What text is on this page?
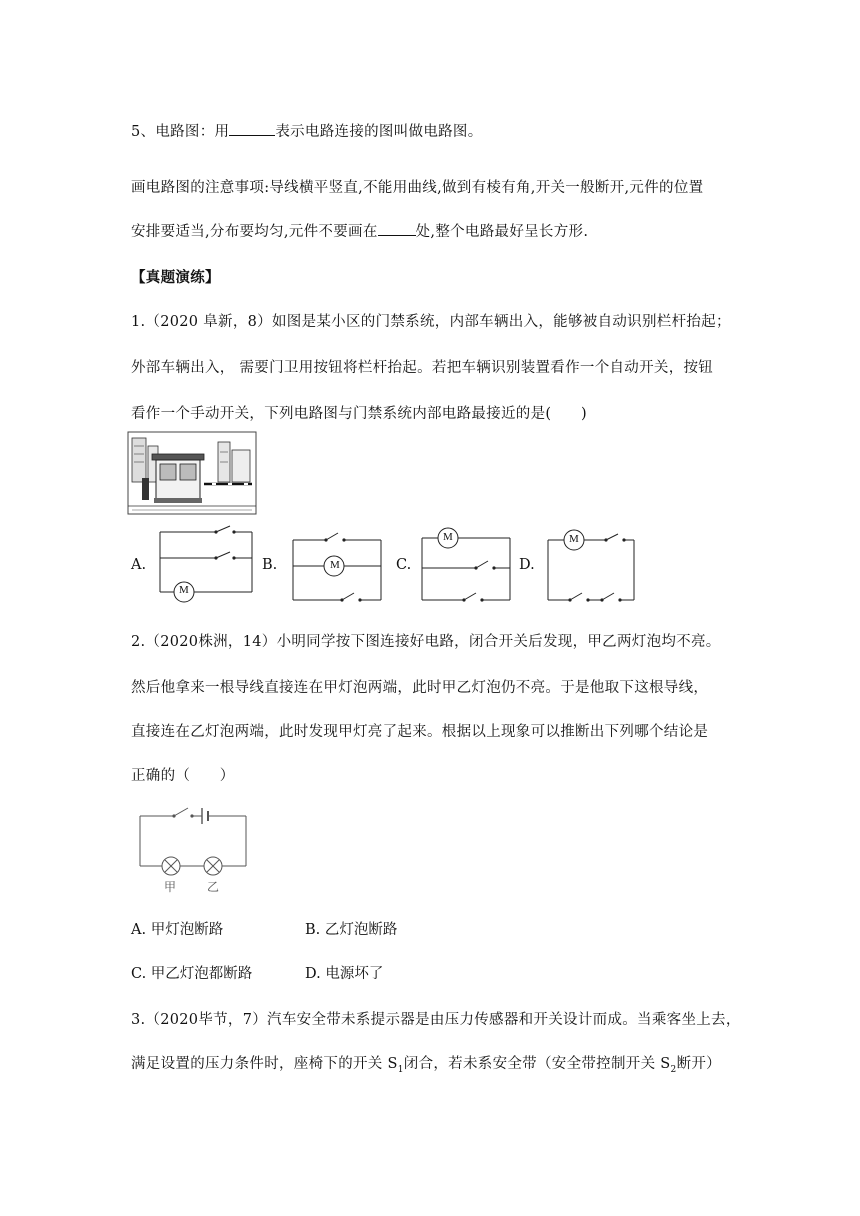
5、电路图：用	表示电路连接的图叫做电路图。
画电路图的注意事项:导线横平竖直,不能用曲线,做到有棱有角,开关一般断开,元件的位置
安排要适当,分布要均匀,元件不要画在	处,整个电路最好呈长方形.
【真题演练】
1.（2020 阜新，8）如图是某小区的门禁系统，内部车辆出入，能够被自动识别栏杆抬起；
外部车辆出入， 需要门卫用按钮将栏杆抬起。若把车辆识别装置看作一个自动开关，按钮
看作一个手动开关，下列电路图与门禁系统内部电路最接近的是(　　)
A.	B.	C.	D.
M
M
M	M
2.（2020株洲，14）小明同学按下图连接好电路，闭合开关后发现，甲乙两灯泡均不亮。
然后他拿来一根导线直接连在甲灯泡两端，此时甲乙灯泡仍不亮。于是他取下这根导线，
直接连在乙灯泡两端，此时发现甲灯亮了起来。根据以上现象可以推断出下列哪个结论是
正确的（　　）
甲	乙
A. 甲灯泡断路	B. 乙灯泡断路
C. 甲乙灯泡都断路	D. 电源坏了
3.（2020毕节，7）汽车安全带未系提示器是由压力传感器和开关设计而成。当乘客坐上去，
满足设置的压力条件时，座椅下的开关 $S_1$闭合，若未系安全带（安全带控制开关 $S_2$断开）
